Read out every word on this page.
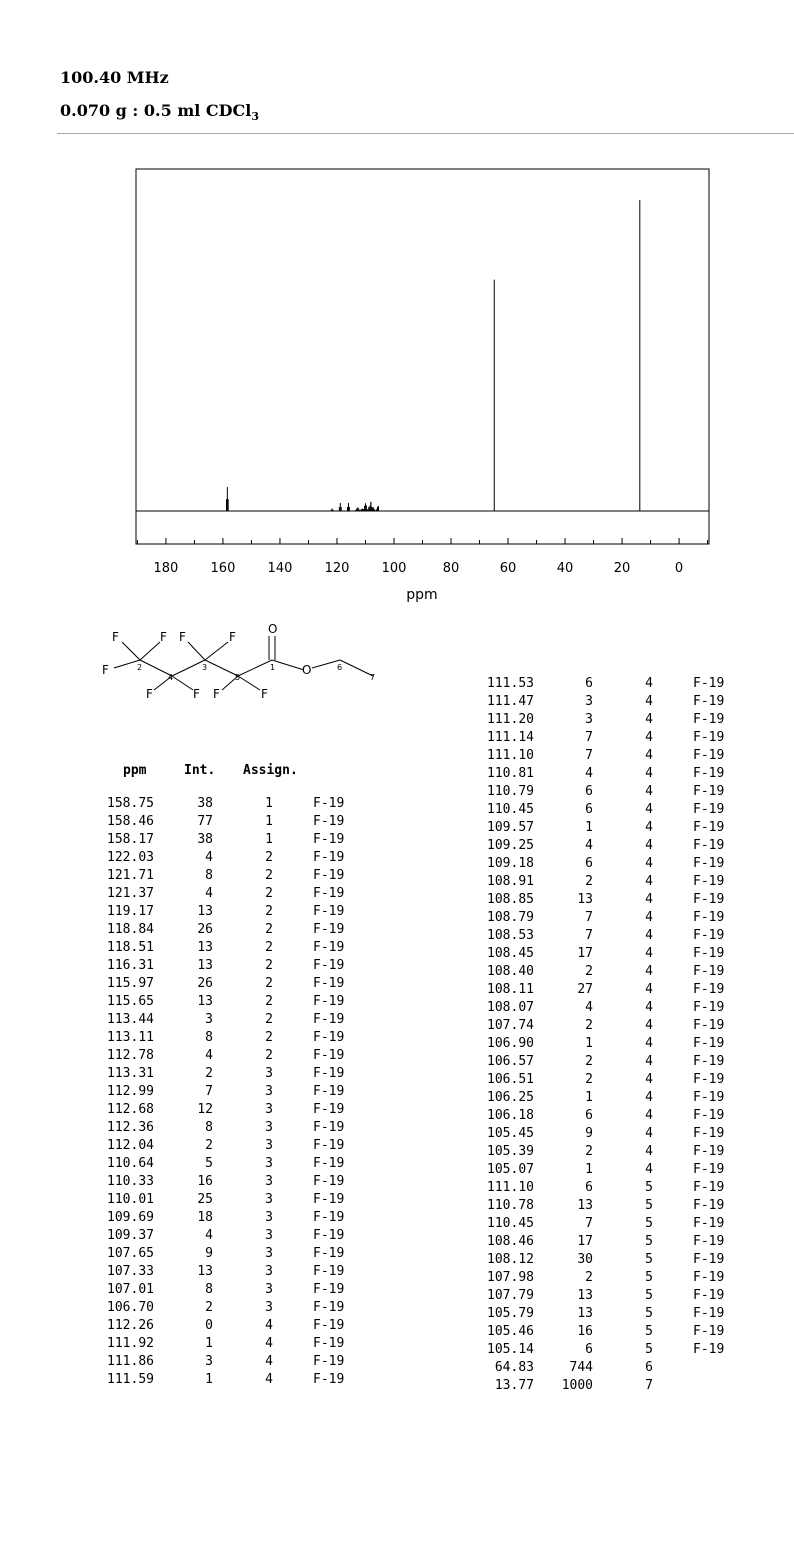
100.40 MHz
0.070 g : 0.5 ml CDCl$_3$
180 160 140 120 100	80	60	40	20	0
ppm
F	F
F
F	F
F	F F	F
O
O
1
2	3
4	5
6
7
ppm	Int. Assign.
158.75	38	1	F-19
158.46	77	1	F-19
158.17	38	1	F-19
122.03	4	2	F-19
121.71	8	2	F-19
121.37	4	2	F-19
119.17	13	2	F-19
118.84	26	2	F-19
118.51	13	2	F-19
116.31	13	2	F-19
115.97	26	2	F-19
115.65	13	2	F-19
113.44	3	2	F-19
113.11	8	2	F-19
112.78	4	2	F-19
113.31	2	3	F-19
112.99	7	3	F-19
112.68	12	3	F-19
112.36	8	3	F-19
112.04	2	3	F-19
110.64	5	3	F-19
110.33	16	3	F-19
110.01	25	3	F-19
109.69	18	3	F-19
109.37	4	3	F-19
107.65	9	3	F-19
107.33	13	3	F-19
107.01	8	3	F-19
106.70	2	3	F-19
112.26	0	4	F-19
111.92	1	4	F-19
111.86	3	4	F-19
111.59	1	4	F-19
111.53	6	4	F-19
111.47	3	4	F-19
111.20	3	4	F-19
111.14	7	4	F-19
111.10	7	4	F-19
110.81	4	4	F-19
110.79	6	4	F-19
110.45	6	4	F-19
109.57	1	4	F-19
109.25	4	4	F-19
109.18	6	4	F-19
108.91	2	4	F-19
108.85	13	4	F-19
108.79	7	4	F-19
108.53	7	4	F-19
108.45	17	4	F-19
108.40	2	4	F-19
108.11	27	4	F-19
108.07	4	4	F-19
107.74	2	4	F-19
106.90	1	4	F-19
106.57	2	4	F-19
106.51	2	4	F-19
106.25	1	4	F-19
106.18	6	4	F-19
105.45	9	4	F-19
105.39	2	4	F-19
105.07	1	4	F-19
111.10	6	5	F-19
110.78	13	5	F-19
110.45	7	5	F-19
108.46	17	5	F-19
108.12	30	5	F-19
107.98	2	5	F-19
107.79	13	5	F-19
105.79	13	5	F-19
105.46	16	5	F-19
105.14	6	5	F-19
64.83	744	6
13.77	1000	7
